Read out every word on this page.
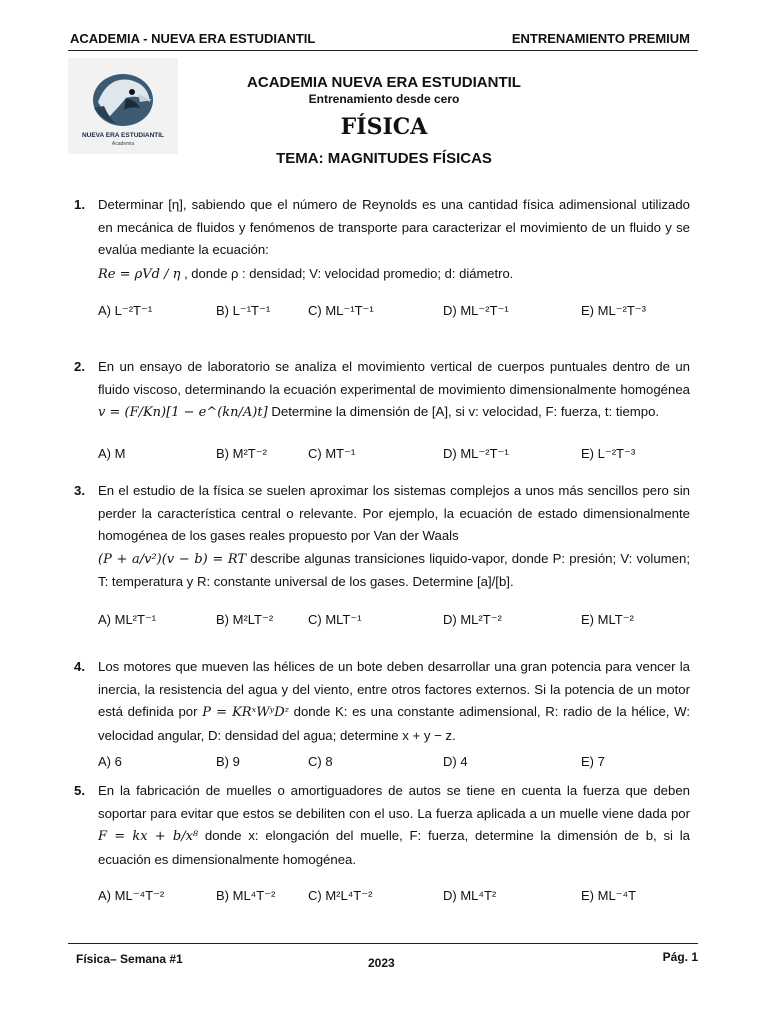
ACADEMIA - NUEVA ERA ESTUDIANTIL	ENTRENAMIENTO PREMIUM
NUEVA ERA ESTUDIANTIL
Academia
ACADEMIA NUEVA ERA ESTUDIANTIL
Entrenamiento desde cero
FÍSICA
TEMA: MAGNITUDES FÍSICAS
1. Determinar [η], sabiendo que el número de Reynolds es una cantidad física adimensional utilizado en mecánica de fluidos y fenómenos de transporte para caracterizar el movimiento de un fluido y se evalúa mediante la ecuación:
Re = ρVd / η , donde ρ : densidad; V: velocidad promedio; d: diámetro.
A) L⁻²T⁻¹	B) L⁻¹T⁻¹	C) ML⁻¹T⁻¹	D) ML⁻²T⁻¹	E) ML⁻²T⁻³
2. En un ensayo de laboratorio se analiza el movimiento vertical de cuerpos puntuales dentro de un fluido viscoso, determinando la ecuación experimental de movimiento dimensionalmente homogénea v = (F/Kn)[1 − e^(kn/A)t] Determine la dimensión de [A], si v: velocidad, F: fuerza, t: tiempo.
A) M	B) M²T⁻²	C) MT⁻¹	D) ML⁻²T⁻¹	E) L⁻²T⁻³
3. En el estudio de la física se suelen aproximar los sistemas complejos a unos más sencillos pero sin perder la característica central o relevante. Por ejemplo, la ecuación de estado dimensionalmente homogénea de los gases reales propuesto por Van der Waals
(P + a/v²)(v − b) = RT describe algunas transiciones liquido-vapor, donde P: presión; V: volumen; T: temperatura y R: constante universal de los gases. Determine [a]/[b].
A) ML²T⁻¹	B) M²LT⁻²	C) MLT⁻¹	D) ML²T⁻²	E) MLT⁻²
4. Los motores que mueven las hélices de un bote deben desarrollar una gran potencia para vencer la inercia, la resistencia del agua y del viento, entre otros factores externos. Si la potencia de un motor está definida por P = KRˣWʸDᶻ donde K: es una constante adimensional, R: radio de la hélice, W: velocidad angular, D: densidad del agua; determine x + y − z.
A) 6	B) 9	C) 8	D) 4	E) 7
5. En la fabricación de muelles o amortiguadores de autos se tiene en cuenta la fuerza que deben soportar para evitar que estos se debiliten con el uso. La fuerza aplicada a un muelle viene dada por F = kx + b/x⁸ donde x: elongación del muelle, F: fuerza, determine la dimensión de b, si la ecuación es dimensionalmente homogénea.
A) ML⁻⁴T⁻²	B) ML⁴T⁻²	C) M²L⁴T⁻²	D) ML⁴T²	E) ML⁻⁴T
Física– Semana #1	2023	Pág. 1
